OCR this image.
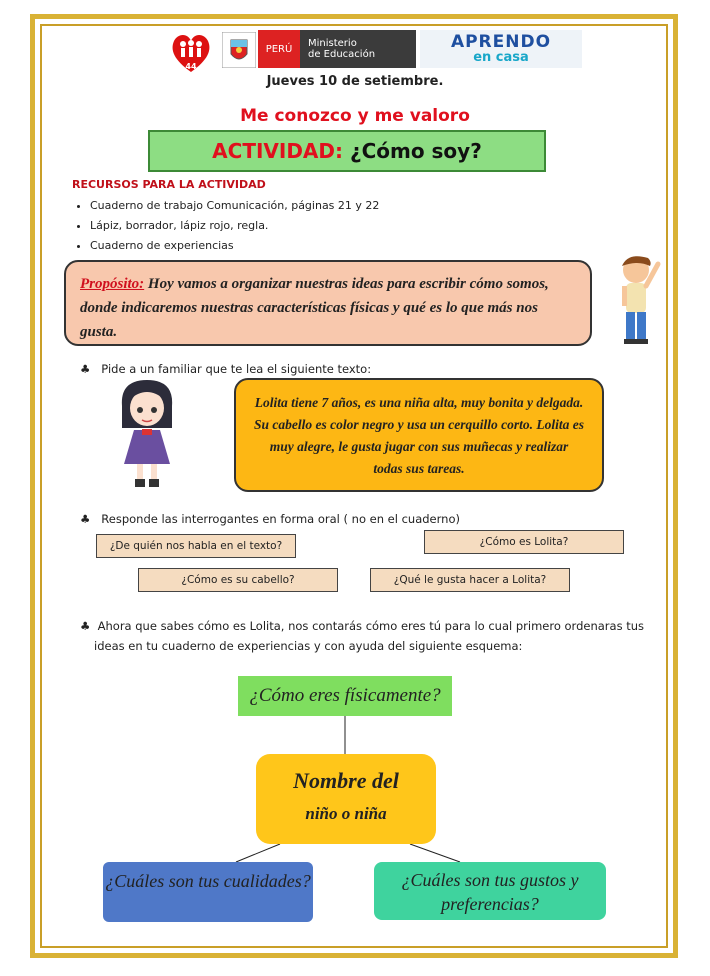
44
PERÚ	Ministerio
de Educación
APRENDO
en casa
Jueves 10 de setiembre.
Me conozco y me valoro
ACTIVIDAD: ¿Cómo soy?
RECURSOS PARA LA ACTIVIDAD
• Cuaderno de trabajo Comunicación, páginas 21 y 22
• Lápiz, borrador, lápiz rojo, regla.
• Cuaderno de experiencias
Propósito: Hoy vamos a organizar nuestras ideas para escribir cómo somos, donde indicaremos nuestras características físicas y qué es lo que más nos gusta.
♣   Pide a un familiar que te lea el siguiente texto:
Lolita tiene 7 años, es una niña alta, muy bonita y delgada. Su cabello es color negro y usa un cerquillo corto. Lolita es muy alegre, le gusta jugar con sus muñecas y realizar todas sus tareas.
♣   Responde las interrogantes en forma oral ( no en el cuaderno)
¿De quién nos habla en el texto?	¿Cómo es Lolita?
¿Cómo es su cabello?	¿Qué le gusta hacer a Lolita?
♣  Ahora que sabes cómo es Lolita, nos contarás cómo eres tú para lo cual primero ordenaras tus
ideas en tu cuaderno de experiencias y con ayuda del siguiente esquema:
¿Cómo eres físicamente?
Nombre del
niño o niña
¿Cuáles son tus cualidades?	¿Cuáles son tus gustos y preferencias?
